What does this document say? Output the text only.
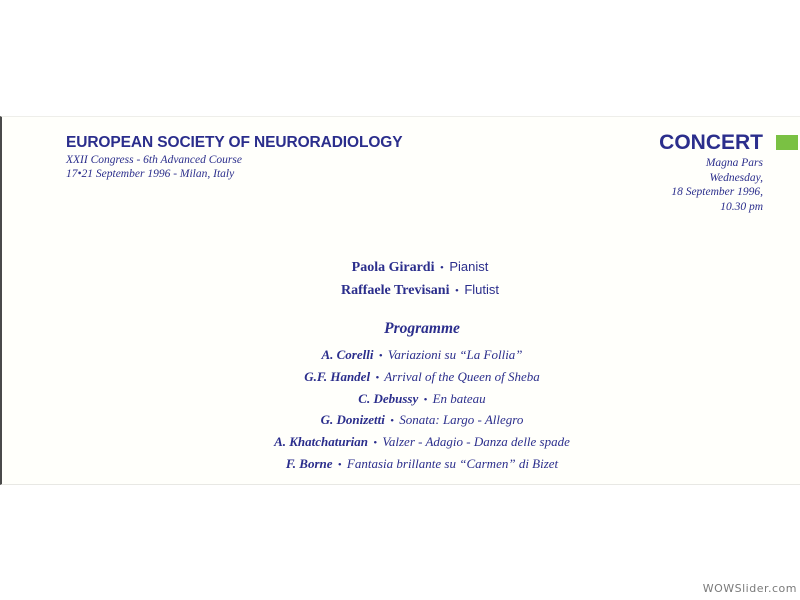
EUROPEAN SOCIETY OF NEURORADIOLOGY
XXII Congress - 6th Advanced Course
17•21 September 1996 - Milan, Italy
CONCERT
Magna Pars
Wednesday,
18 September 1996,
10.30 pm
Paola Girardi • Pianist
Raffaele Trevisani • Flutist
Programme
A. Corelli • Variazioni su “La Follia”
G.F. Handel • Arrival of the Queen of Sheba
C. Debussy • En bateau
G. Donizetti • Sonata: Largo - Allegro
A. Khatchaturian • Valzer - Adagio - Danza delle spade
F. Borne • Fantasia brillante su “Carmen” di Bizet
WOWSlider.com
